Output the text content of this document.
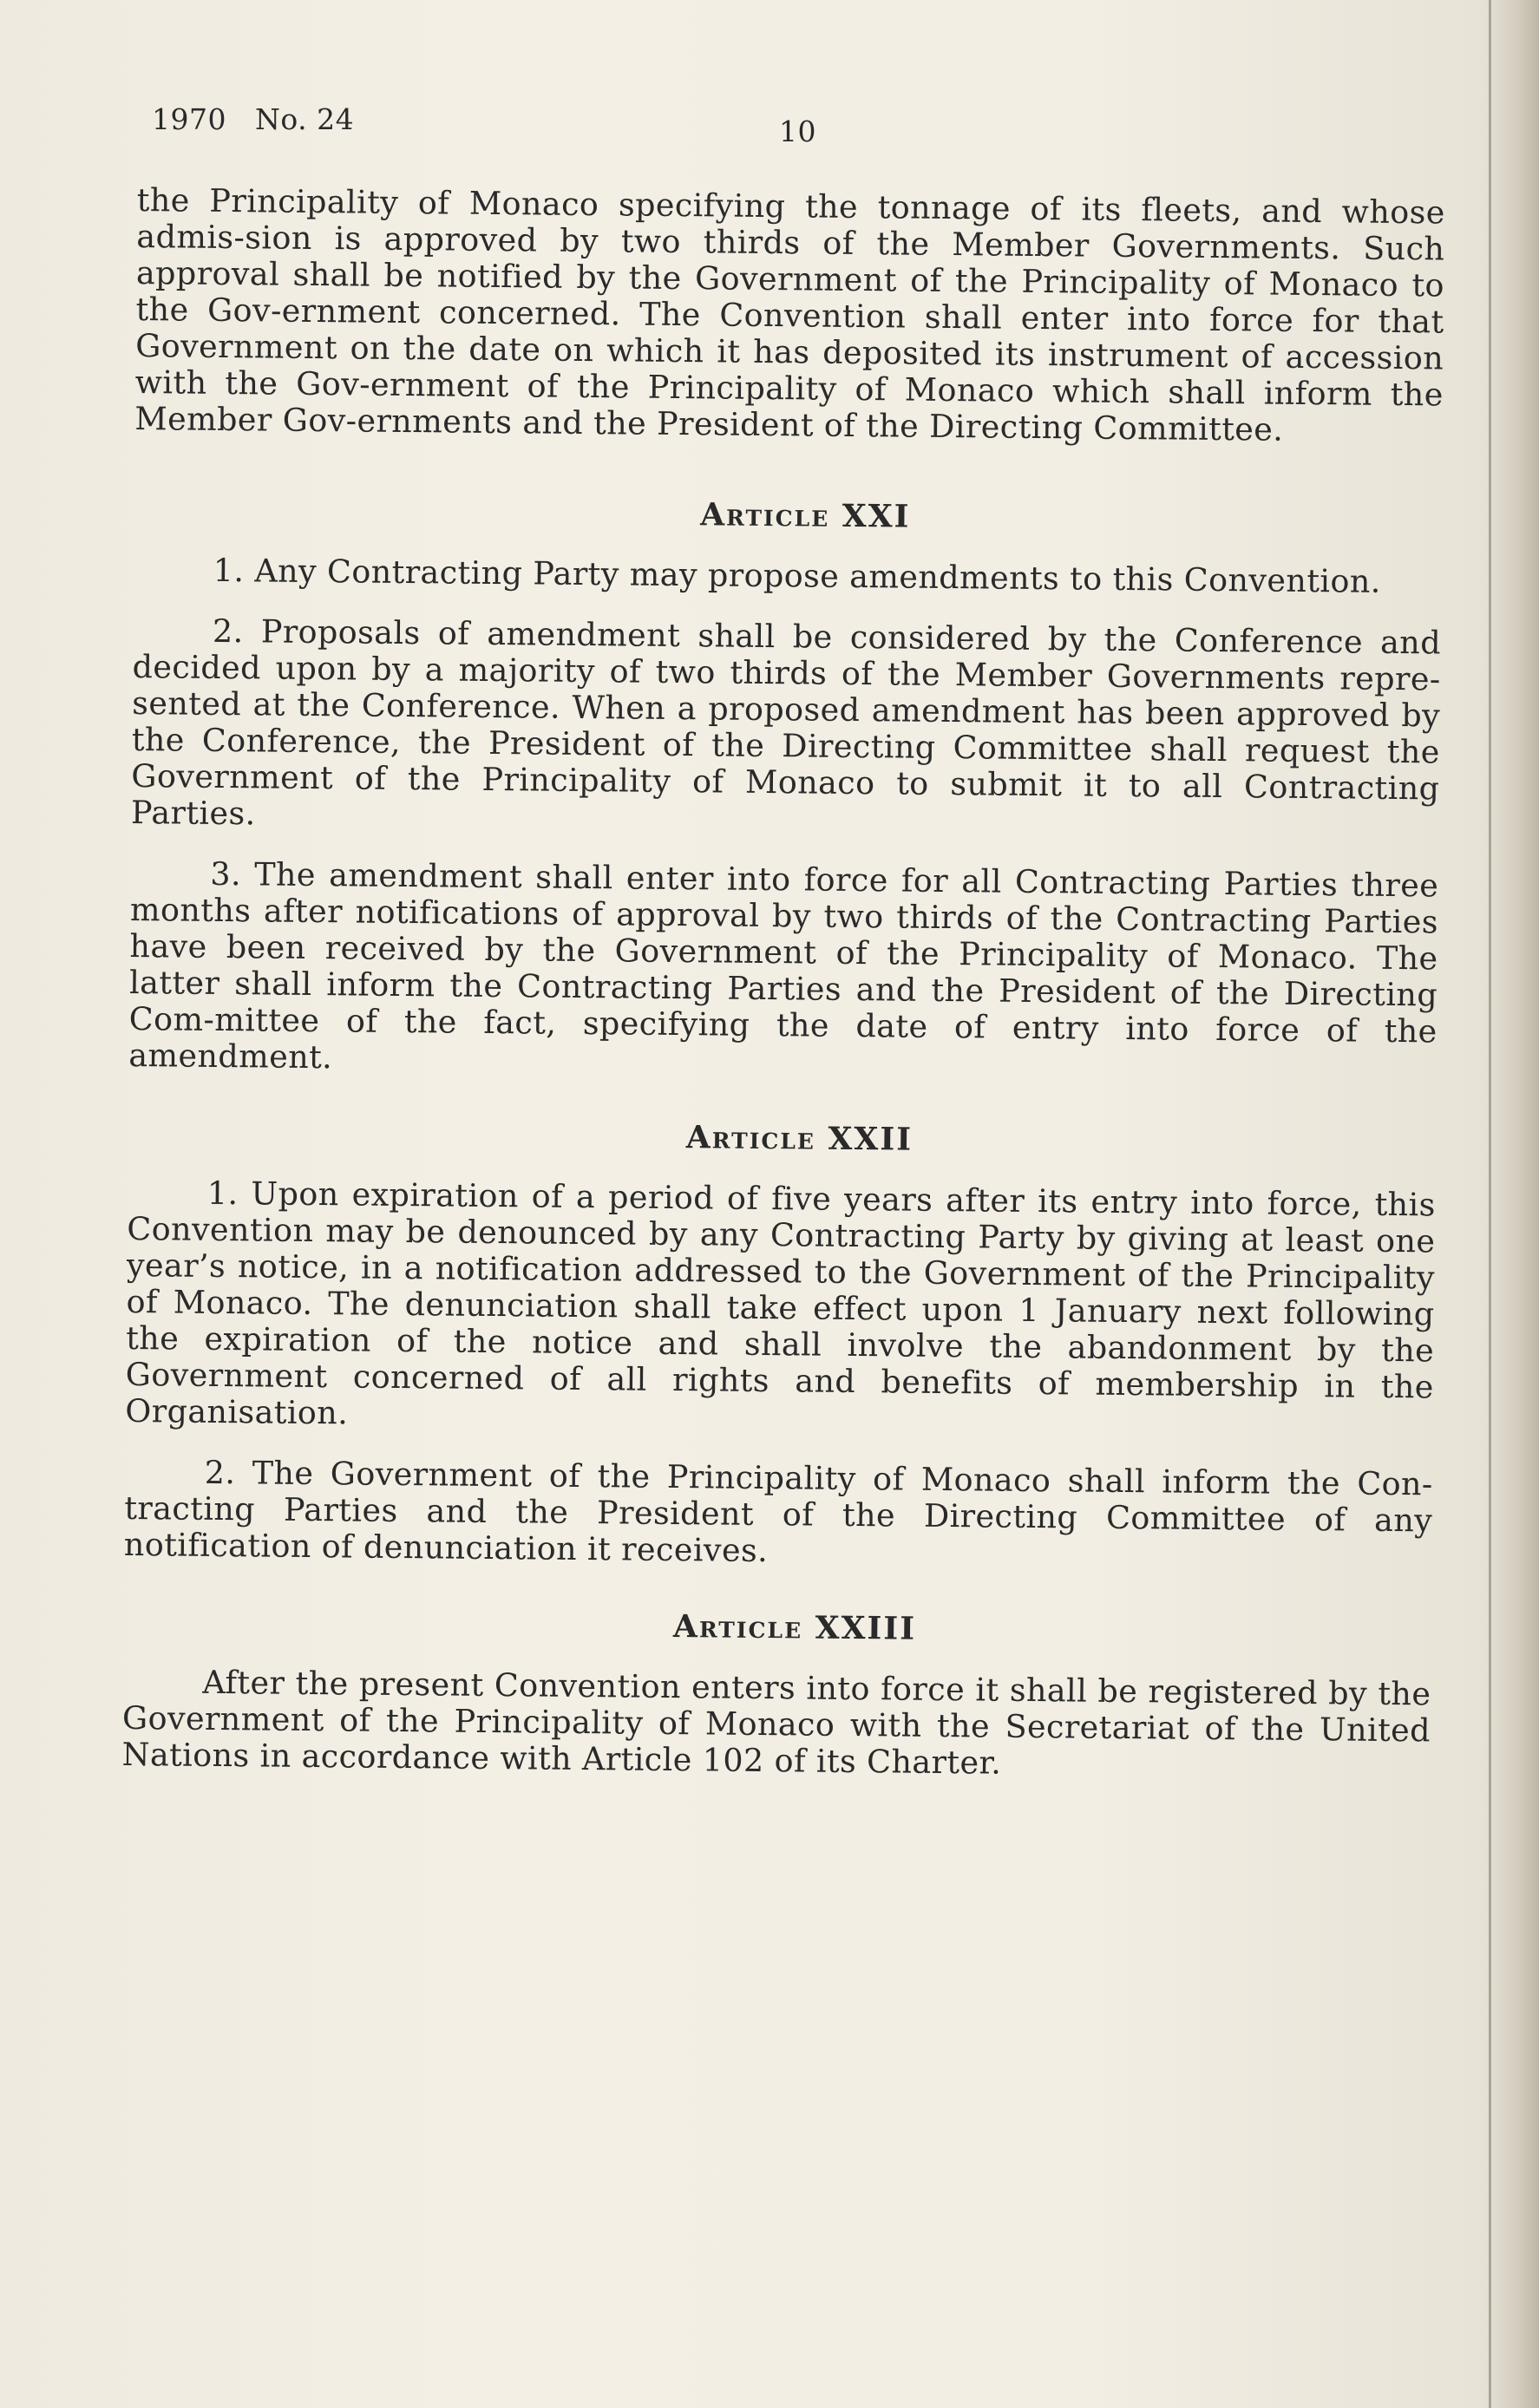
1970   No. 24	10

the Principality of Monaco specifying the tonnage of its fleets, and whose admis-sion is approved by two thirds of the Member Governments. Such approval shall be notified by the Government of the Principality of Monaco to the Gov-ernment concerned. The Convention shall enter into force for that Government on the date on which it has deposited its instrument of accession with the Gov-ernment of the Principality of Monaco which shall inform the Member Gov-ernments and the President of the Directing Committee.

Article XXI

1. Any Contracting Party may propose amendments to this Convention.

2. Proposals of amendment shall be considered by the Conference and decided upon by a majority of two thirds of the Member Governments repre-sented at the Conference. When a proposed amendment has been approved by the Conference, the President of the Directing Committee shall request the Government of the Principality of Monaco to submit it to all Contracting Parties.

3. The amendment shall enter into force for all Contracting Parties three months after notifications of approval by two thirds of the Contracting Parties have been received by the Government of the Principality of Monaco. The latter shall inform the Contracting Parties and the President of the Directing Com-mittee of the fact, specifying the date of entry into force of the amendment.

Article XXII

1. Upon expiration of a period of five years after its entry into force, this Convention may be denounced by any Contracting Party by giving at least one year’s notice, in a notification addressed to the Government of the Principality of Monaco. The denunciation shall take effect upon 1 January next following the expiration of the notice and shall involve the abandonment by the Government concerned of all rights and benefits of membership in the Organisation.

2. The Government of the Principality of Monaco shall inform the Con-tracting Parties and the President of the Directing Committee of any notification of denunciation it receives.

Article XXIII

After the present Convention enters into force it shall be registered by the Government of the Principality of Monaco with the Secretariat of the United Nations in accordance with Article 102 of its Charter.
